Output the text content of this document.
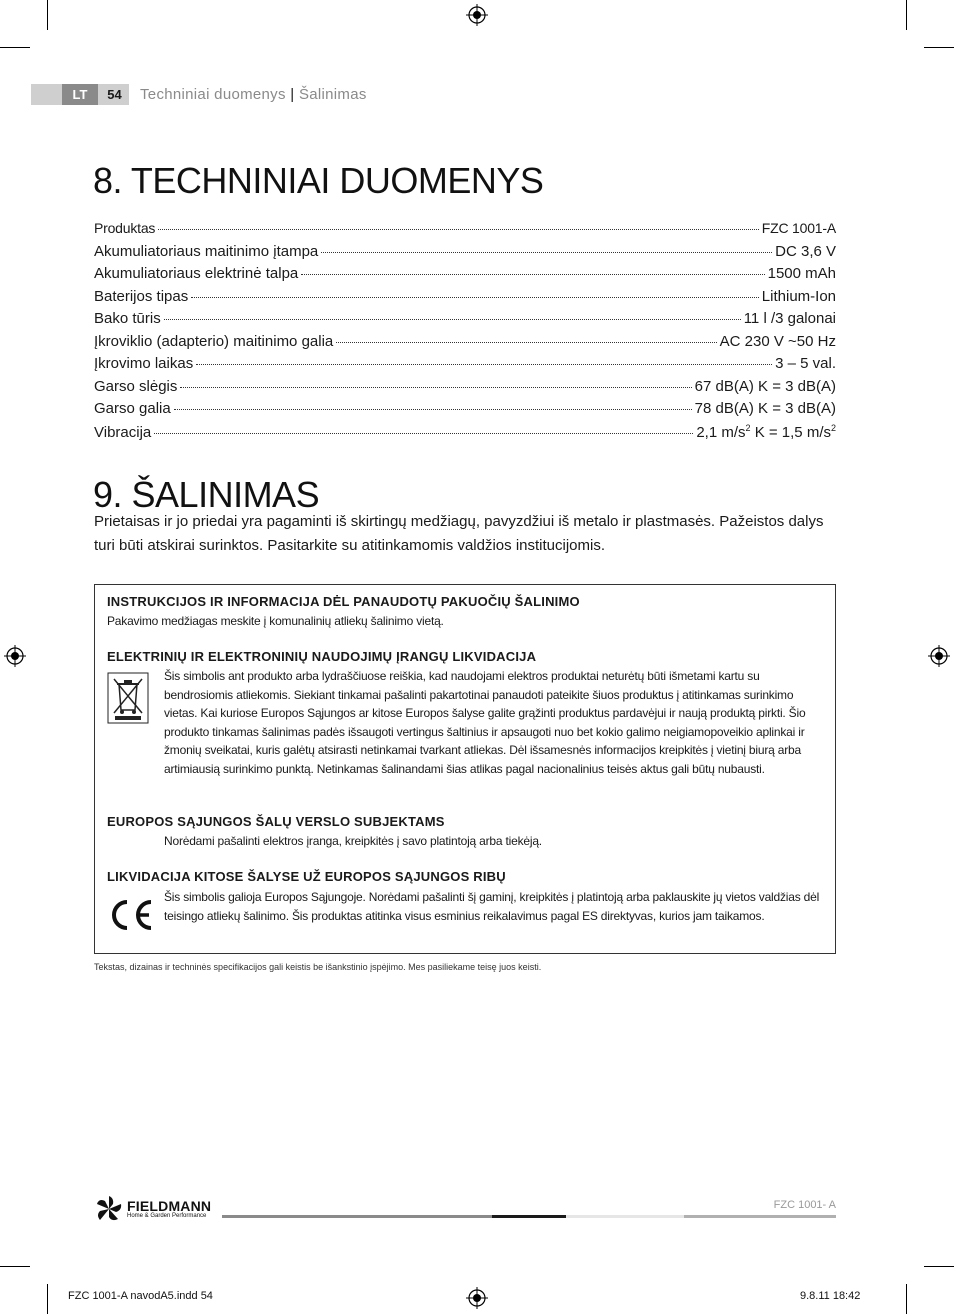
LT	54	Techniniai duomenys | Šalinimas
8. TECHNINIAI DUOMENYS
Produktas	FZC 1001-A
Akumuliatoriaus maitinimo įtampa	DC 3,6 V
Akumuliatoriaus elektrinė talpa	1500 mAh
Baterijos tipas	Lithium-Ion
Bako tūris	11 l /3 galonai
Įkroviklio (adapterio) maitinimo galia	AC 230 V ~50 Hz
Įkrovimo laikas	3 – 5 val.
Garso slėgis	67 dB(A) K = 3 dB(A)
Garso galia	78 dB(A) K = 3 dB(A)
Vibracija	2,1 $m/s^2$ K = 1,5 $m/s^2$
9. ŠALINIMAS
Prietaisas ir jo priedai yra pagaminti iš skirtingų medžiagų, pavyzdžiui iš metalo ir plastmasės. Pažeistos dalys turi būti atskirai surinktos. Pasitarkite su atitinkamomis valdžios institucijomis.
INSTRUKCIJOS IR INFORMACIJA DĖL PANAUDOTŲ PAKUOČIŲ ŠALINIMO
Pakavimo medžiagas meskite į komunalinių atliekų šalinimo vietą.
ELEKTRINIŲ IR ELEKTRONINIŲ NAUDOJIMŲ ĮRANGŲ LIKVIDACIJA
Šis simbolis ant produkto arba lydraščiuose reiškia, kad naudojami elektros produktai neturėtų būti išmetami kartu su bendrosiomis atliekomis. Siekiant tinkamai pašalinti pakartotinai panaudoti pateikite šiuos produktus į atitinkamas surinkimo vietas. Kai kuriose Europos Sąjungos ar kitose Europos šalyse galite grąžinti produktus pardavėjui ir naują produktą pirkti. Šio produkto tinkamas šalinimas padės išsaugoti vertingus šaltinius ir apsaugoti nuo bet kokio galimo neigiamopoveikio aplinkai ir žmonių sveikatai, kuris galėtų atsirasti netinkamai tvarkant atliekas. Dėl išsamesnės informacijos kreipkitės į vietinį biurą arba artimiausią surinkimo punktą. Netinkamas šalinandami šias atlikas pagal nacionalinius teisės aktus gali būtų nubausti.
EUROPOS SĄJUNGOS ŠALŲ VERSLO SUBJEKTAMS
Norėdami pašalinti elektros įranga, kreipkitės į savo platintoją arba tiekėją.
LIKVIDACIJA KITOSE ŠALYSE UŽ EUROPOS SĄJUNGOS RIBŲ
Šis simbolis galioja Europos Sąjungoje. Norėdami pašalinti šį gaminį, kreipkitės į platintoją arba paklauskite jų vietos valdžias dėl teisingo atliekų šalinimo. Šis produktas atitinka visus esminius reikalavimus pagal ES direktyvas, kurios jam taikamos.
Tekstas, dizainas ir techninės specifikacijos gali keistis be išankstinio įspėjimo. Mes pasiliekame teisę juos keisti.
FIELDMANN
Home & Garden Performance
FZC 1001- A
FZC 1001-A navodA5.indd 54	9.8.11 18:42
